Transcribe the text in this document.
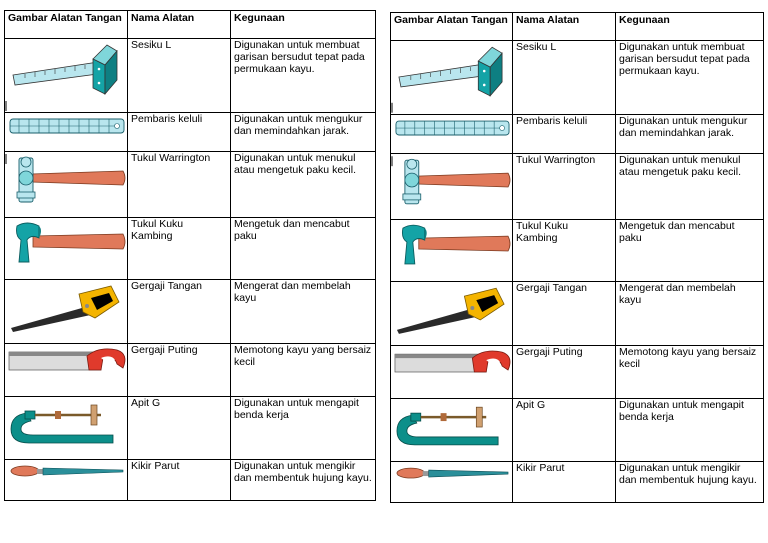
Gambar Alatan Tangan	Nama Alatan	Kegunaan

	Sesiku L	Digunakan untuk membuat garisan bersudut tepat pada permukaan kayu.

	Pembaris keluli	Digunakan untuk mengukur dan memindahkan jarak.

	Tukul Warrington	Digunakan untuk menukul atau mengetuk paku kecil.

	Tukul Kuku Kambing	Mengetuk dan mencabut paku

	Gergaji Tangan	Mengerat dan membelah kayu

	Gergaji Puting	Memotong kayu yang bersaiz kecil

	Apit G	Digunakan untuk mengapit benda kerja

	Kikir Parut	Digunakan untuk mengikir dan membentuk hujung kayu.
Gambar Alatan Tangan	Nama Alatan	Kegunaan

	Sesiku L	Digunakan untuk membuat garisan bersudut tepat pada permukaan kayu.

	Pembaris keluli	Digunakan untuk mengukur dan memindahkan jarak.

	Tukul Warrington	Digunakan untuk menukul atau mengetuk paku kecil.

	Tukul Kuku Kambing	Mengetuk dan mencabut paku

	Gergaji Tangan	Mengerat dan membelah kayu

	Gergaji Puting	Memotong kayu yang bersaiz kecil

	Apit G	Digunakan untuk mengapit benda kerja

	Kikir Parut	Digunakan untuk mengikir dan membentuk hujung kayu.
